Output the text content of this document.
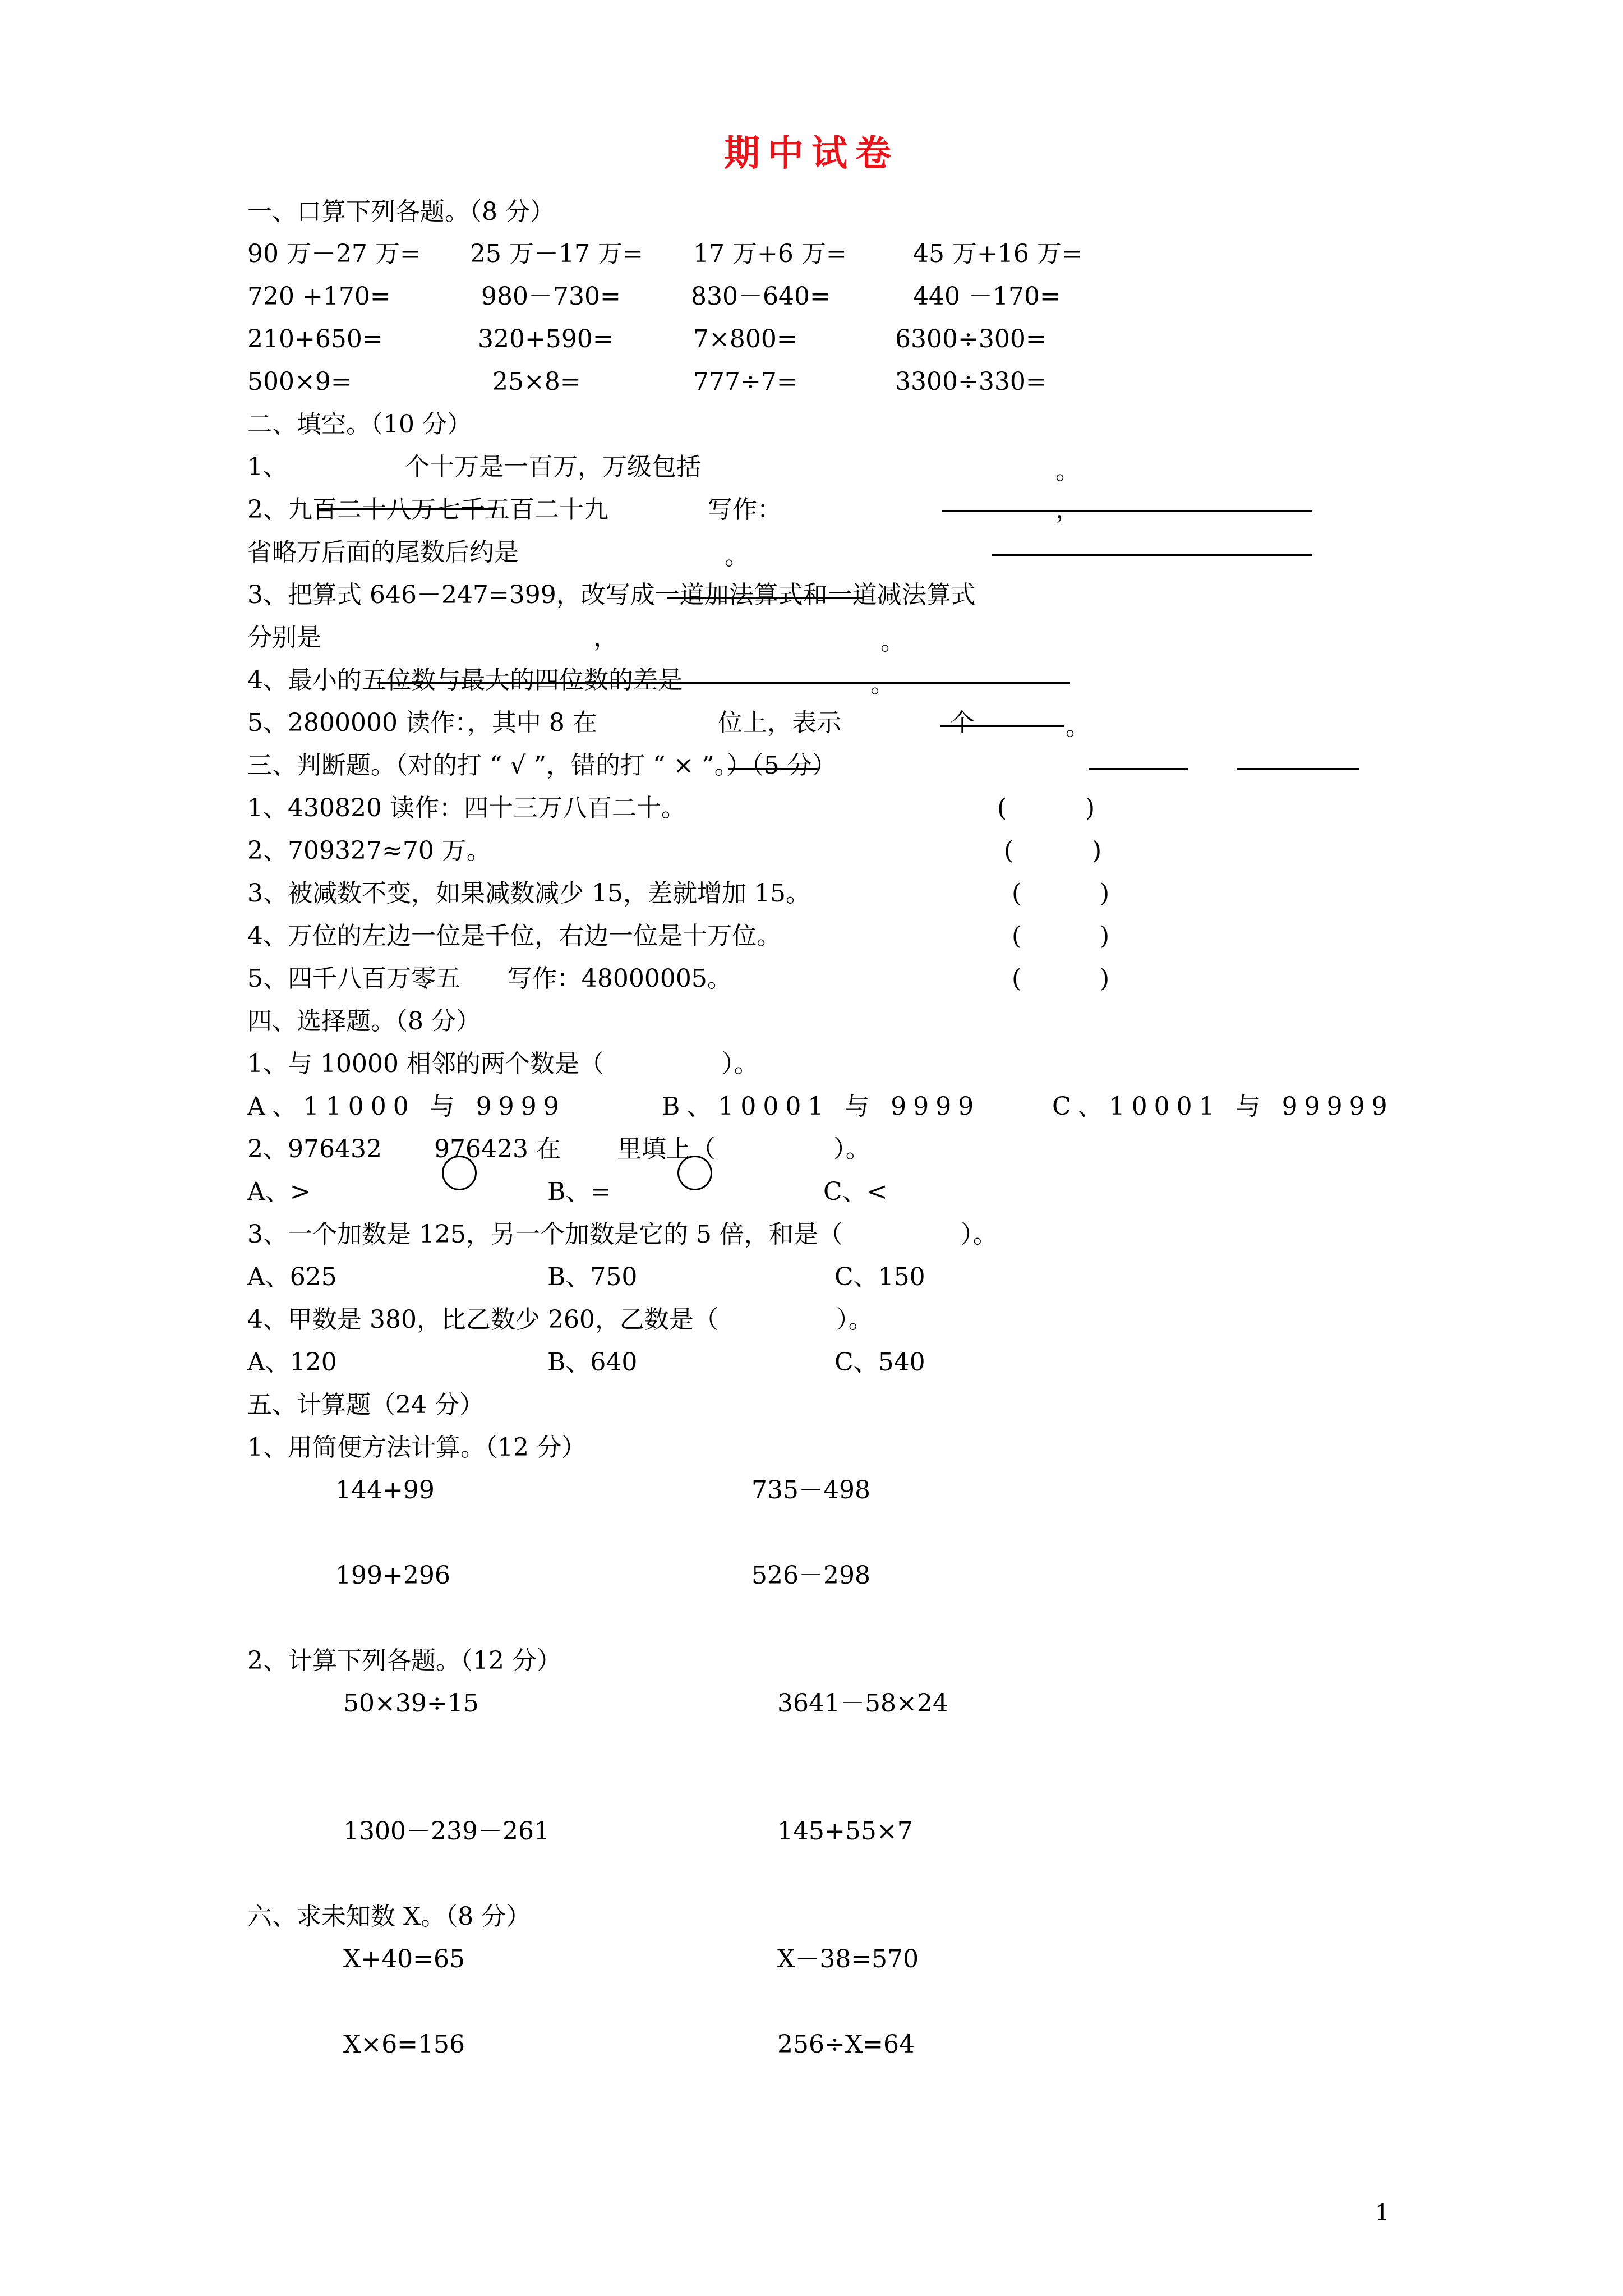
期中试卷
一、口算下列各题。（8 分）
90 万－27 万= 25 万－17 万= 17 万+6 万=	45 万+16 万=
720 +170=	980－730=	830－640=	440 －170=
210+650=	320+590=	7×800=	6300÷300=
500×9=	25×8=	777÷7=	3300÷330=
二、填空。（10 分）
1、	个十万是一百万，万级包括	。
2、九百二十八万七千五百二十九	写作：	，
省略万后面的尾数后约是	。
3、把算式 646－247=399，改写成一道加法算式和一道减法算式
分别是	，	。
4、最小的五位数与最大的四位数的差是	。
5、2800000 读作：，其中 8 在	位上，表示	个	。
三、判断题。（对的打 “ √ ”，错的打 “ × ”。）（5 分）
1、430820 读作：四十三万八百二十。	(          )
2、709327≈70 万。	(          )
3、被减数不变，如果减数减少 15，差就增加 15。	(          )
4、万位的左边一位是千位，右边一位是十万位。	(          )
5、四千八百万零五      写作：48000005。	(          )
四、选择题。（8 分）
1、与 10000 相邻的两个数是（               ）。
A、11000 与 9999	B、10001 与 9999	C、10001 与 99999
2、976432 976423 在 里填上（               ）。
A、>	B、=	C、<
3、一个加数是 125，另一个加数是它的 5 倍，和是（               ）。
A、625	B、750	C、150
4、甲数是 380，比乙数少 260，乙数是（               ）。
A、120	B、640	C、540
五、计算题（24 分）
1、用简便方法计算。（12 分）
144+99	735－498
199+296	526－298
2、计算下列各题。（12 分）
50×39÷15	3641－58×24
1300－239－261	145+55×7
六、求未知数 X。（8 分）
X+40=65	X－38=570
X×6=156	256÷X=64
1
